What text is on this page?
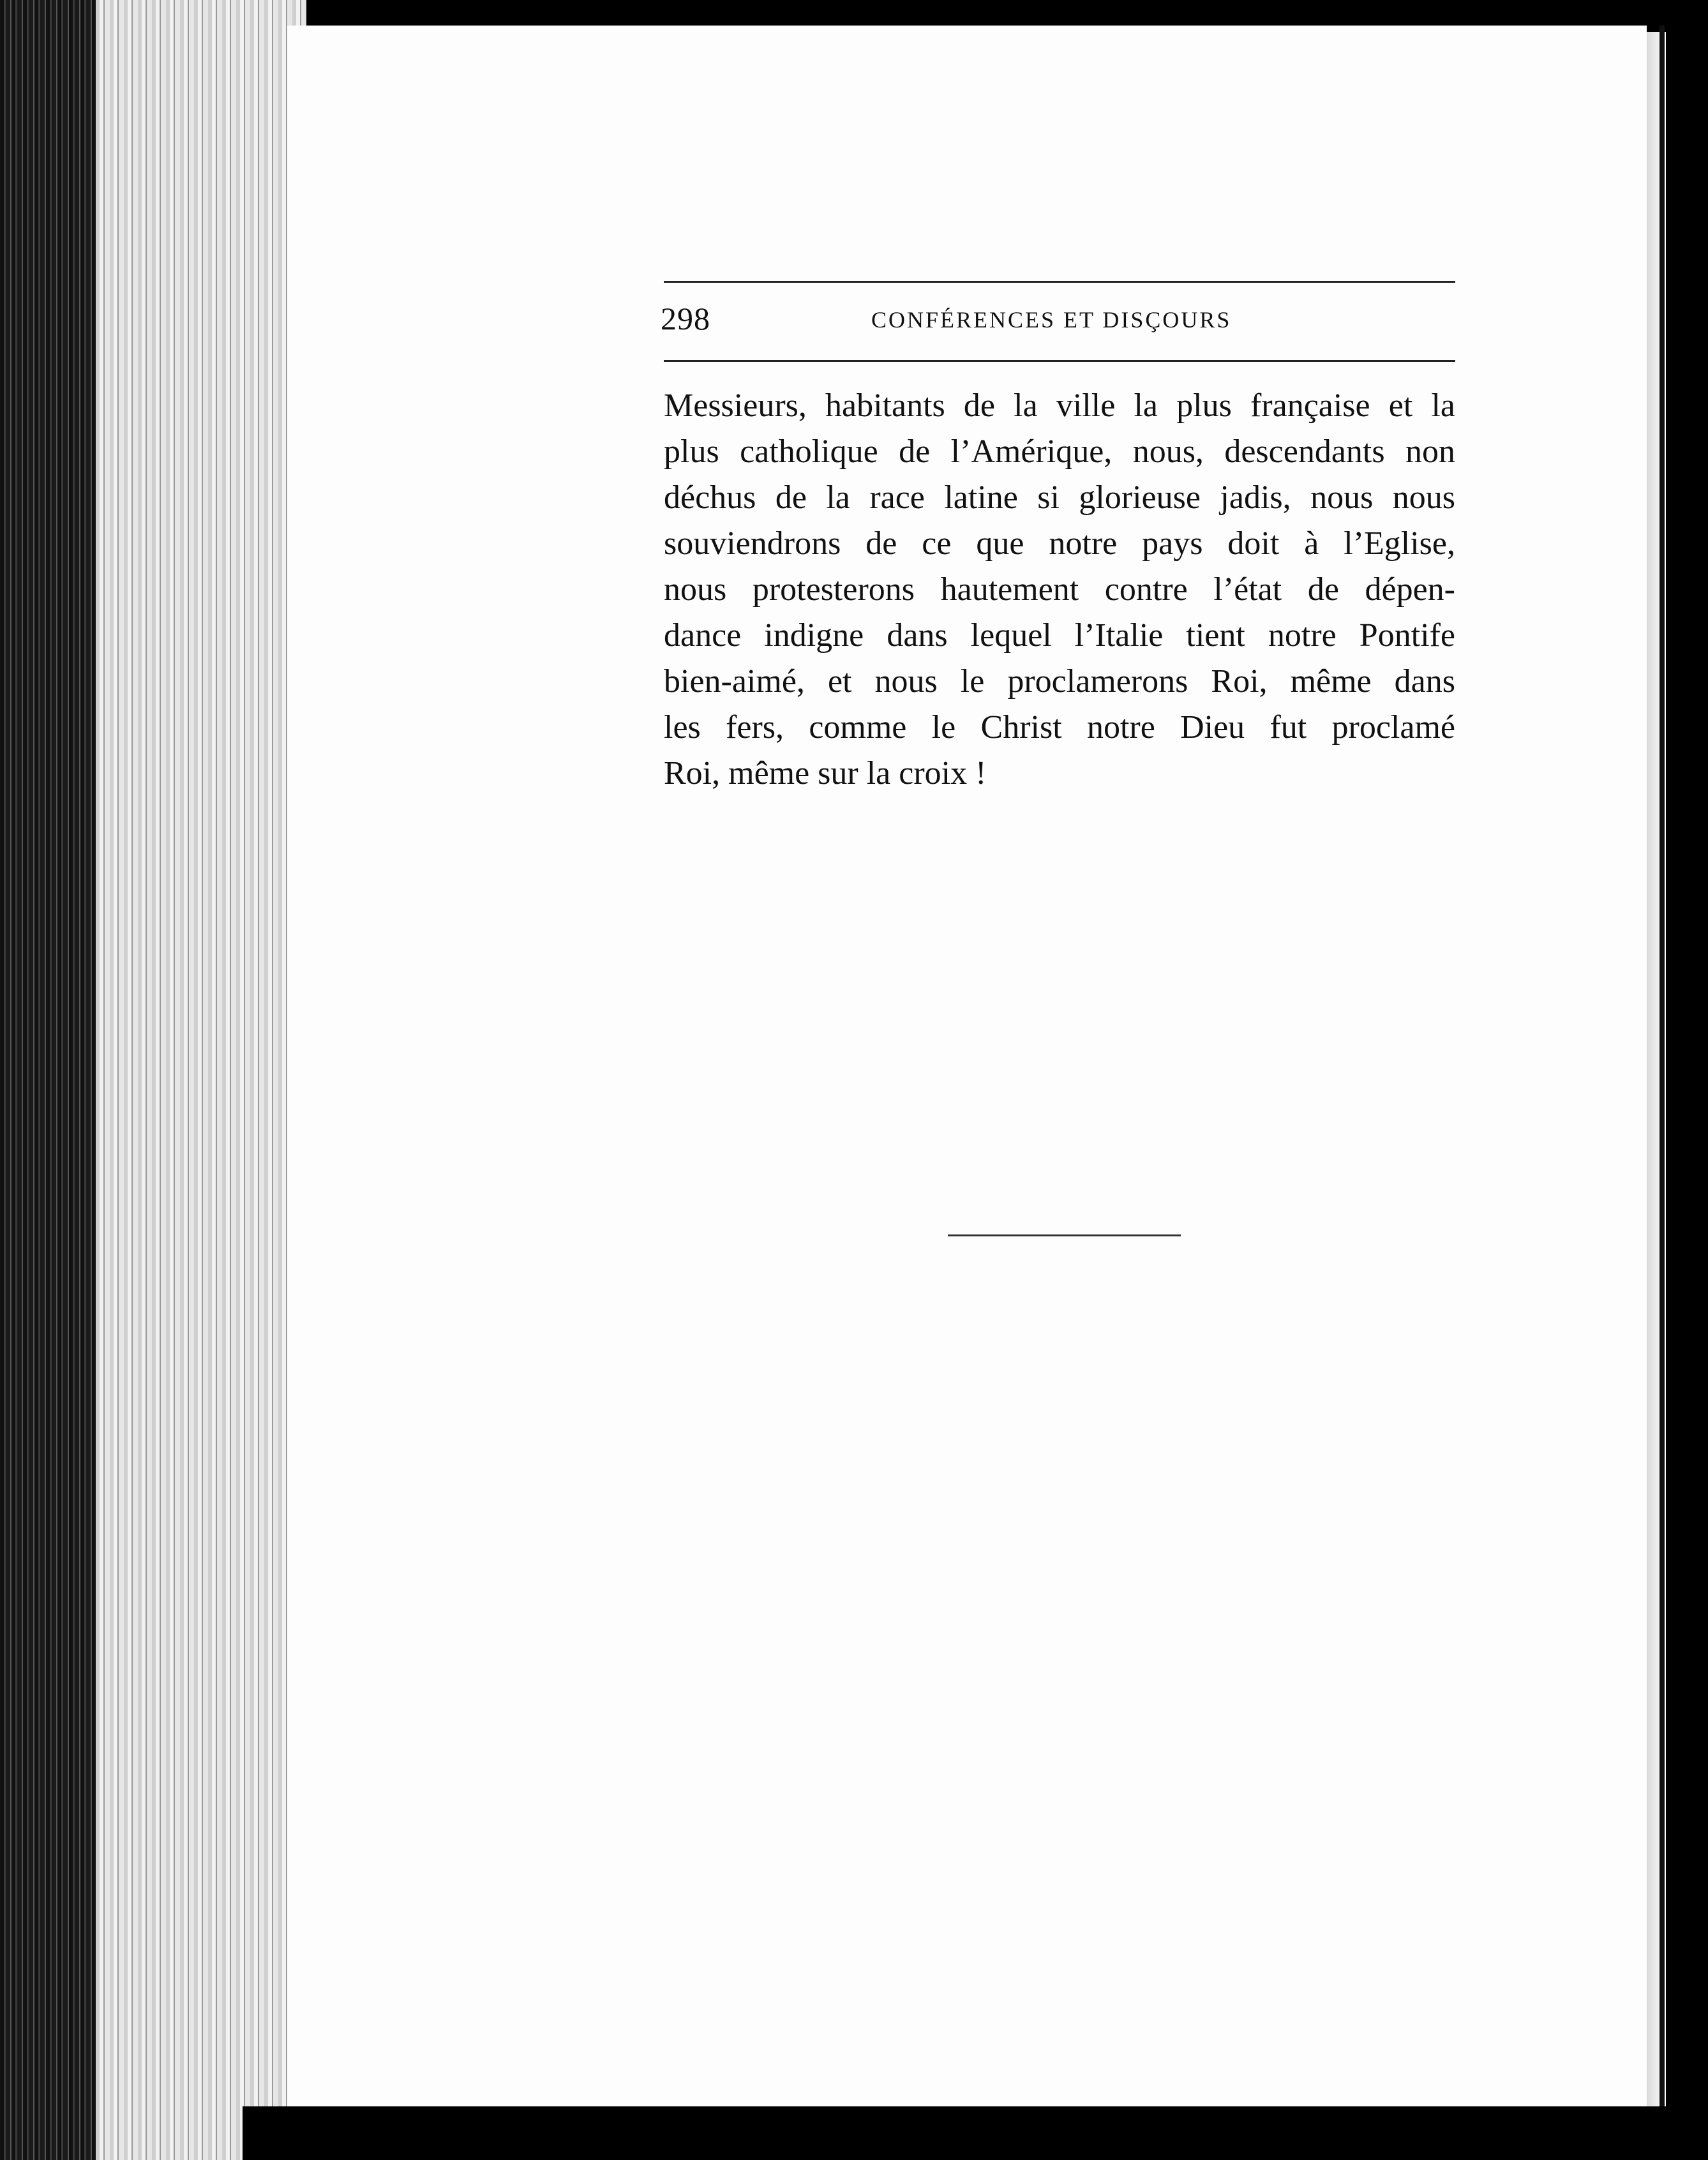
298	CONFÉRENCES ET DISÇOURS
Messieurs, habitants de la ville la plus française et la
plus catholique de l’Amérique, nous, descendants non
déchus de la race latine si glorieuse jadis, nous nous
souviendrons de ce que notre pays doit à l’Eglise,
nous protesterons hautement contre l’état de dépen-
dance indigne dans lequel l’Italie tient notre Pontife
bien-aimé, et nous le proclamerons Roi, même dans
les fers, comme le Christ notre Dieu fut proclamé
Roi, même sur la croix !
